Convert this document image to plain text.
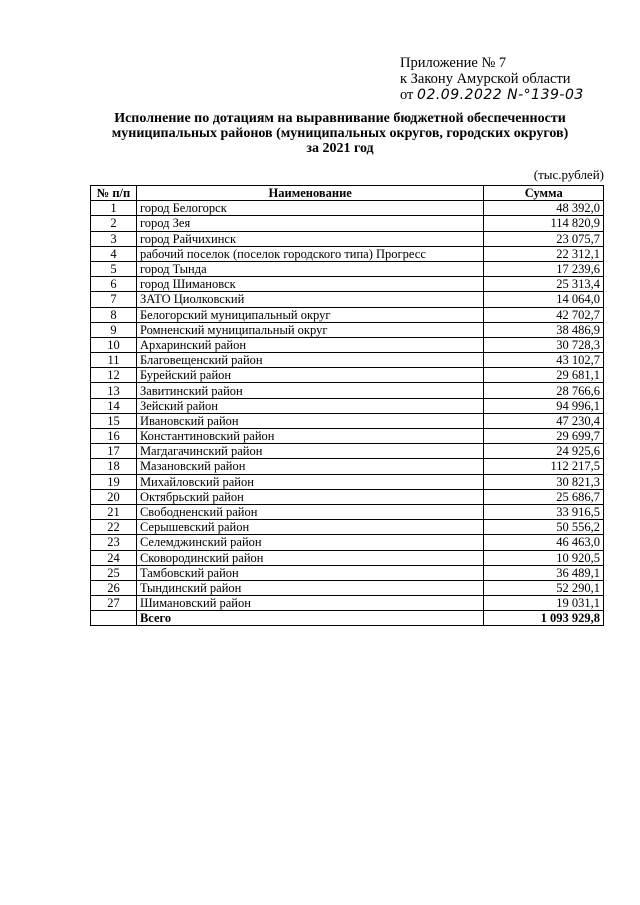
Приложение № 7
к Закону Амурской области
от 02.09.2022 N-°139-03
Исполнение по дотациям на выравнивание бюджетной обеспеченности
муниципальных районов (муниципальных округов, городских округов)
за 2021 год
(тыс.рублей)
№ п/п	Наименование	Сумма
1	город Белогорск	48 392,0
2	город Зея	114 820,9
3	город Райчихинск	23 075,7
4	рабочий поселок (поселок городского типа) Прогресс	22 312,1
5	город Тында	17 239,6
6	город Шимановск	25 313,4
7	ЗАТО Циолковский	14 064,0
8	Белогорский муниципальный округ	42 702,7
9	Ромненский муниципальный округ	38 486,9
10	Архаринский район	30 728,3
11	Благовещенский район	43 102,7
12	Бурейский район	29 681,1
13	Завитинский район	28 766,6
14	Зейский район	94 996,1
15	Ивановский район	47 230,4
16	Константиновский район	29 699,7
17	Магдагачинский район	24 925,6
18	Мазановский район	112 217,5
19	Михайловский район	30 821,3
20	Октябрьский район	25 686,7
21	Свободненский район	33 916,5
22	Серышевский район	50 556,2
23	Селемджинский район	46 463,0
24	Сковородинский район	10 920,5
25	Тамбовский район	36 489,1
26	Тындинский район	52 290,1
27	Шимановский район	19 031,1
	Всего	1 093 929,8
